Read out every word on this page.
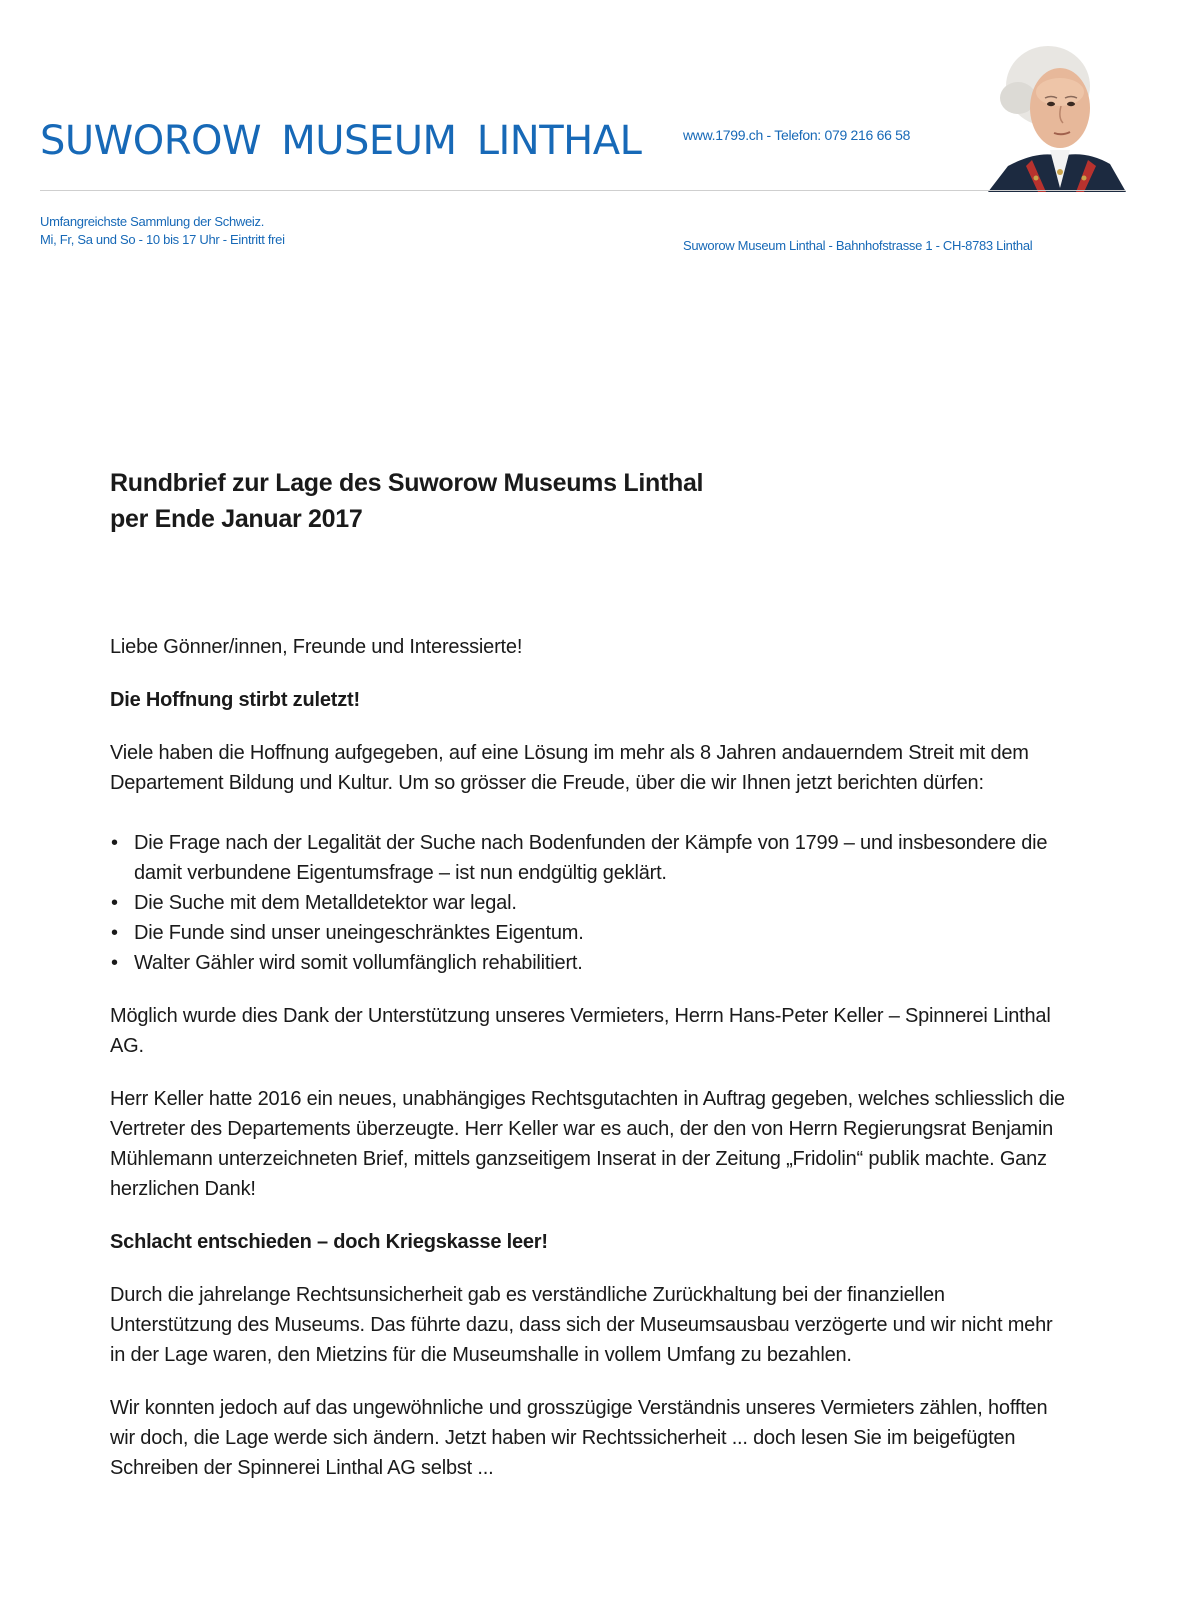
SUWOROW MUSEUM LINTHAL	www.1799.ch - Telefon: 079 216 66 58
Umfangreichste Sammlung der Schweiz.
Mi, Fr, Sa und So - 10 bis 17 Uhr - Eintritt frei	Suworow Museum Linthal - Bahnhofstrasse 1 - CH-8783 Linthal
Rundbrief zur Lage des Suworow Museums Linthal
per Ende Januar 2017

Liebe Gönner/innen, Freunde und Interessierte!

Die Hoffnung stirbt zuletzt!

Viele haben die Hoffnung aufgegeben, auf eine Lösung im mehr als 8 Jahren andauerndem Streit mit dem Departement Bildung und Kultur. Um so grösser die Freude, über die wir Ihnen jetzt berichten dürfen:

• Die Frage nach der Legalität der Suche nach Bodenfunden der Kämpfe von 1799 – und insbesondere die damit verbundene Eigentumsfrage – ist nun endgültig geklärt.
• Die Suche mit dem Metalldetektor war legal.
• Die Funde sind unser uneingeschränktes Eigentum.
• Walter Gähler wird somit vollumfänglich rehabilitiert.

Möglich wurde dies Dank der Unterstützung unseres Vermieters, Herrn Hans-Peter Keller – Spinnerei Linthal AG.

Herr Keller hatte 2016 ein neues, unabhängiges Rechtsgutachten in Auftrag gegeben, welches schliesslich die Vertreter des Departements überzeugte. Herr Keller war es auch, der den von Herrn Regierungsrat Benjamin Mühlemann unterzeichneten Brief, mittels ganzseitigem Inserat in der Zeitung „Fridolin“ publik machte. Ganz herzlichen Dank!

Schlacht entschieden – doch Kriegskasse leer!

Durch die jahrelange Rechtsunsicherheit gab es verständliche Zurückhaltung bei der finanziellen Unterstützung des Museums. Das führte dazu, dass sich der Museumsausbau verzögerte und wir nicht mehr in der Lage waren, den Mietzins für die Museumshalle in vollem Umfang zu bezahlen.

Wir konnten jedoch auf das ungewöhnliche und grosszügige Verständnis unseres Vermieters zählen, hofften wir doch, die Lage werde sich ändern. Jetzt haben wir Rechtssicherheit ... doch lesen Sie im beigefügten Schreiben der Spinnerei Linthal AG selbst ...
